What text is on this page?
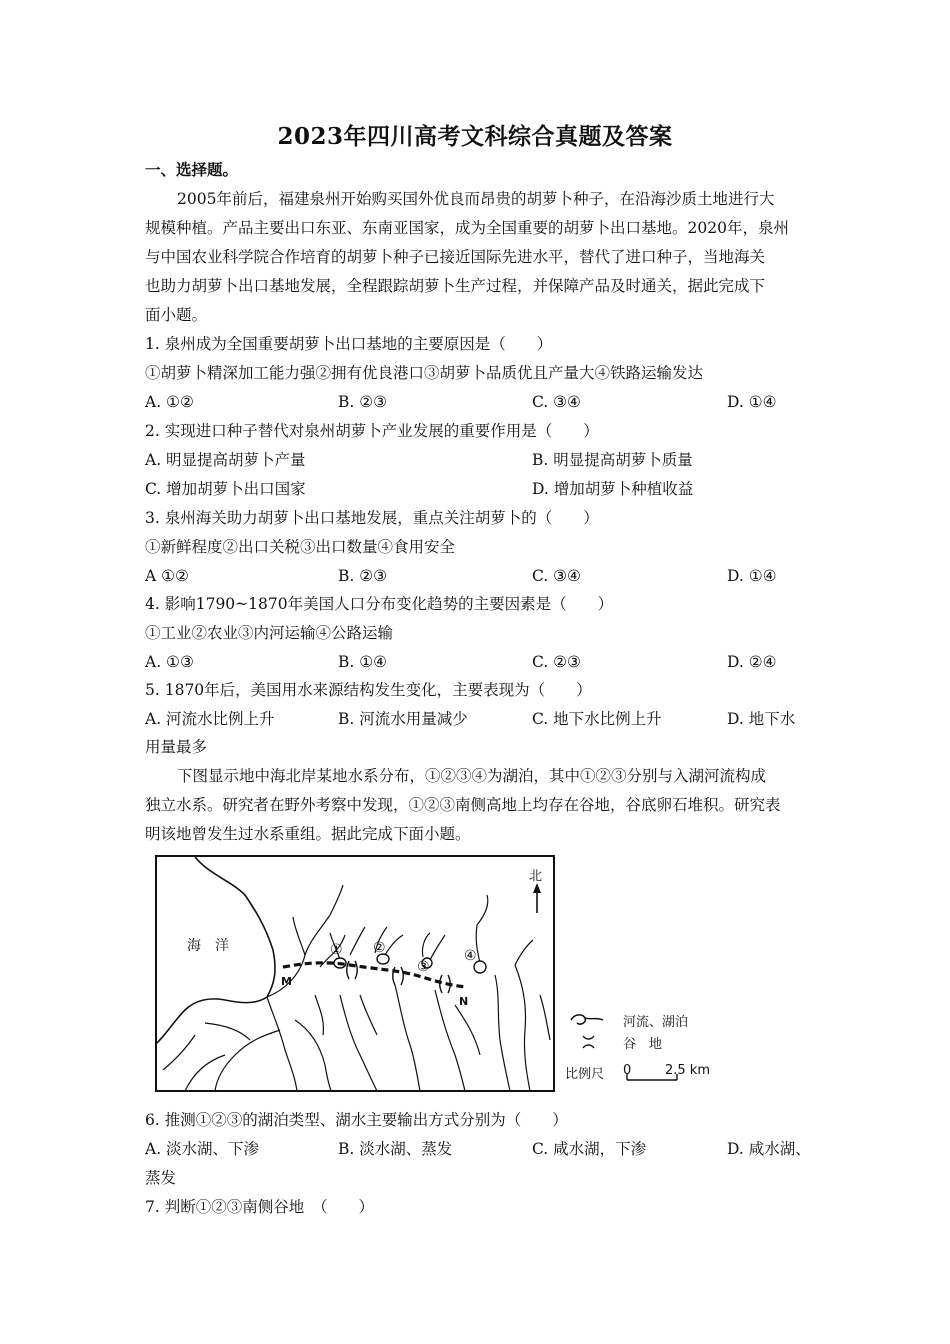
2023年四川高考文科综合真题及答案
一、选择题。
2005年前后，福建泉州开始购买国外优良而昂贵的胡萝卜种子，在沿海沙质土地进行大
规模种植。产品主要出口东亚、东南亚国家，成为全国重要的胡萝卜出口基地。2020年，泉州
与中国农业科学院合作培育的胡萝卜种子已接近国际先进水平，替代了进口种子，当地海关
也助力胡萝卜出口基地发展，全程跟踪胡萝卜生产过程，并保障产品及时通关，据此完成下
面小题。
1. 泉州成为全国重要胡萝卜出口基地的主要原因是（　　）
①胡萝卜精深加工能力强②拥有优良港口③胡萝卜品质优且产量大④铁路运输发达
A. ①②	B. ②③	C. ③④	D. ①④
2. 实现进口种子替代对泉州胡萝卜产业发展的重要作用是（　　）
A. 明显提高胡萝卜产量	B. 明显提高胡萝卜质量
C. 增加胡萝卜出口国家	D. 增加胡萝卜种植收益
3. 泉州海关助力胡萝卜出口基地发展，重点关注胡萝卜的（　　）
①新鲜程度②出口关税③出口数量④食用安全
A ①②	B. ②③	C. ③④	D. ①④
4. 影响1790~1870年美国人口分布变化趋势的主要因素是（　　）
①工业②农业③内河运输④公路运输
A. ①③	B. ①④	C. ②③	D. ②④
5. 1870年后，美国用水来源结构发生变化，主要表现为（　　）
A. 河流水比例上升	B. 河流水用量减少	C. 地下水比例上升	D. 地下水
用量最多
下图显示地中海北岸某地水系分布，①②③④为湖泊，其中①②③分别与入湖河流构成
独立水系。研究者在野外考察中发现，①②③南侧高地上均存在谷地，谷底卵石堆积。研究表
明该地曾发生过水系重组。据此完成下面小题。
海　洋
北
M
N
① ②
③
④
河流、湖泊
谷　地
比例尺 0	2.5 km
6. 推测①②③的湖泊类型、湖水主要输出方式分别为（　　）
A. 淡水湖、下渗	B. 淡水湖、蒸发	C. 咸水湖，下渗	D. 咸水湖、
蒸发
7. 判断①②③南侧谷地　（　　）
